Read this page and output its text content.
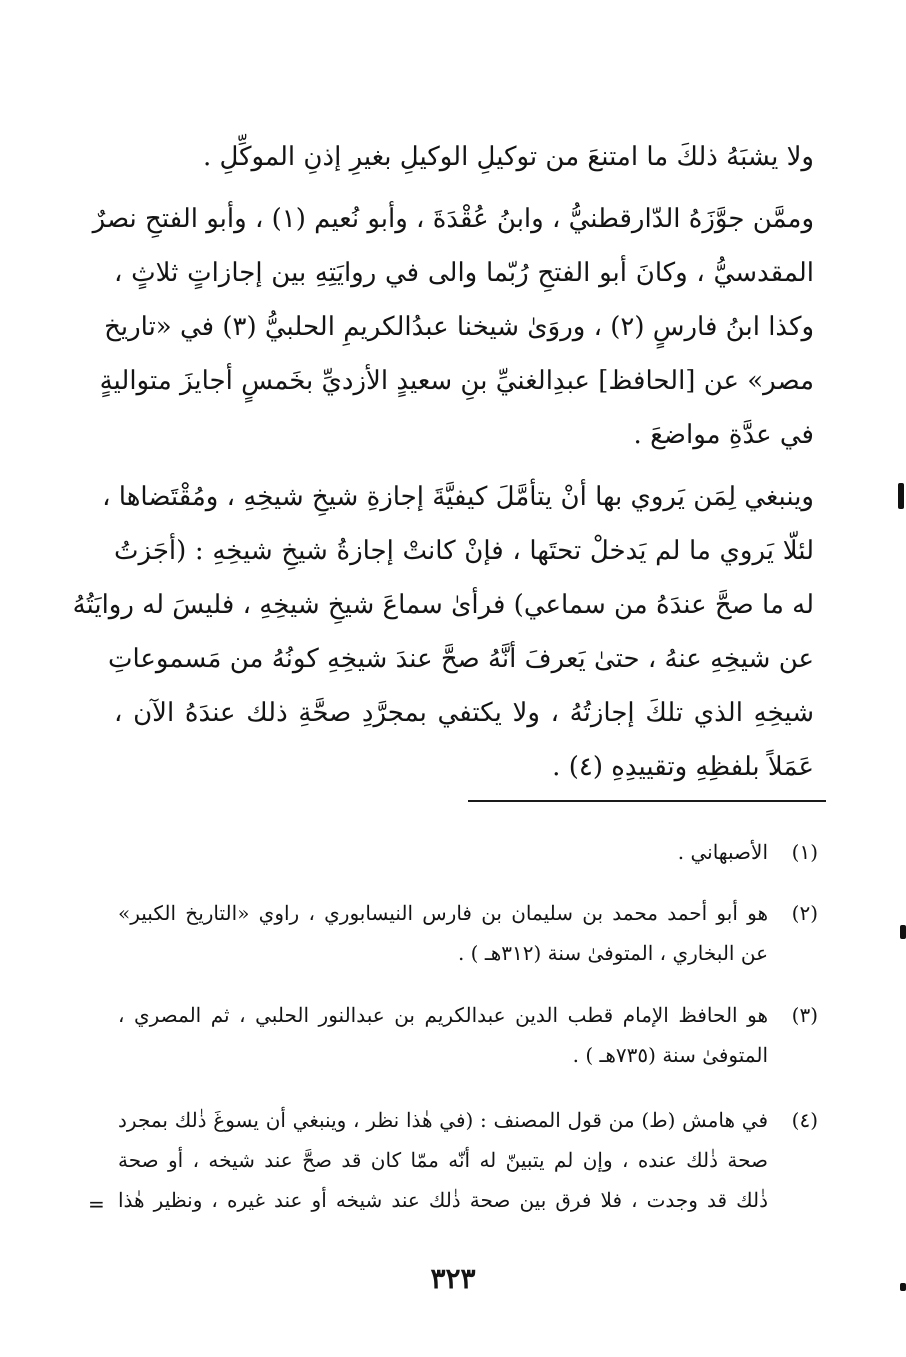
ولا يشبَهُ ذلكَ ما امتنعَ من توكيلِ الوكيلِ بغيرِ إذنِ الموكِّلِ .
وممَّن جوَّزَهُ الدّارقطنيُّ ، وابنُ عُقْدَةَ ، وأبو نُعيم (١) ، وأبو الفتحِ نصرٌ
المقدسيُّ ، وكانَ أبو الفتحِ رُبّما والى في روايَتِهِ بين إجازاتٍ ثلاثٍ ،
وكذا ابنُ فارسٍ (٢) ، وروَىٰ شيخنا عبدُالكريمِ الحلبيُّ (٣) في «تاريخ
مصر» عن [الحافظ] عبدِالغنيِّ بنِ سعيدٍ الأزديِّ بخَمسٍ أجايزَ متواليةٍ
في عدَّةِ مواضعَ .
وينبغي لِمَن يَروي بها أنْ يتأمَّلَ كيفيَّةَ إجازةِ شيخِ شيخِهِ ، ومُقْتَضاها ،
لئلّا يَروي ما لم يَدخلْ تحتَها ، فإنْ كانتْ إجازةُ شيخِ شيخِهِ : (أجَزتُ
له ما صحَّ عندَهُ من سماعي) فرأىٰ سماعَ شيخِ شيخِهِ ، فليسَ له روايَتُهُ
عن شيخِهِ عنهُ ، حتىٰ يَعرفَ أنَّهُ صحَّ عندَ شيخِهِ كونُهُ من مَسموعاتِ
شيخِهِ الذي تلكَ إجازتُهُ ، ولا يكتفي بمجرَّدِ صحَّةِ ذلك عندَهُ الآن ،
عَمَلاً بلفظِهِ وتقييدِهِ (٤) .
(١)
الأصبهاني .
(٢)
هو أبو أحمد محمد بن سليمان بن فارس النيسابوري ، راوي «التاريخ الكبير»
عن البخاري ، المتوفىٰ سنة (٣١٢هـ ) .
(٣)
هو الحافظ الإمام قطب الدين عبدالكريم بن عبدالنور الحلبي ، ثم المصري ،
المتوفىٰ سنة (٧٣٥هـ ) .
(٤)
في هامش (ط) من قول المصنف : (في هٰذا نظر ، وينبغي أن يسوغَ ذٰلك بمجرد
صحة ذٰلك عنده ، وإن لم يتبينّ له أنّه ممّا كان قد صحَّ عند شيخه ، أو صحة
ذٰلك قد وجدت ، فلا فرق بين صحة ذٰلك عند شيخه أو عند غيره ، ونظير هٰذا
=
٣٢٣
